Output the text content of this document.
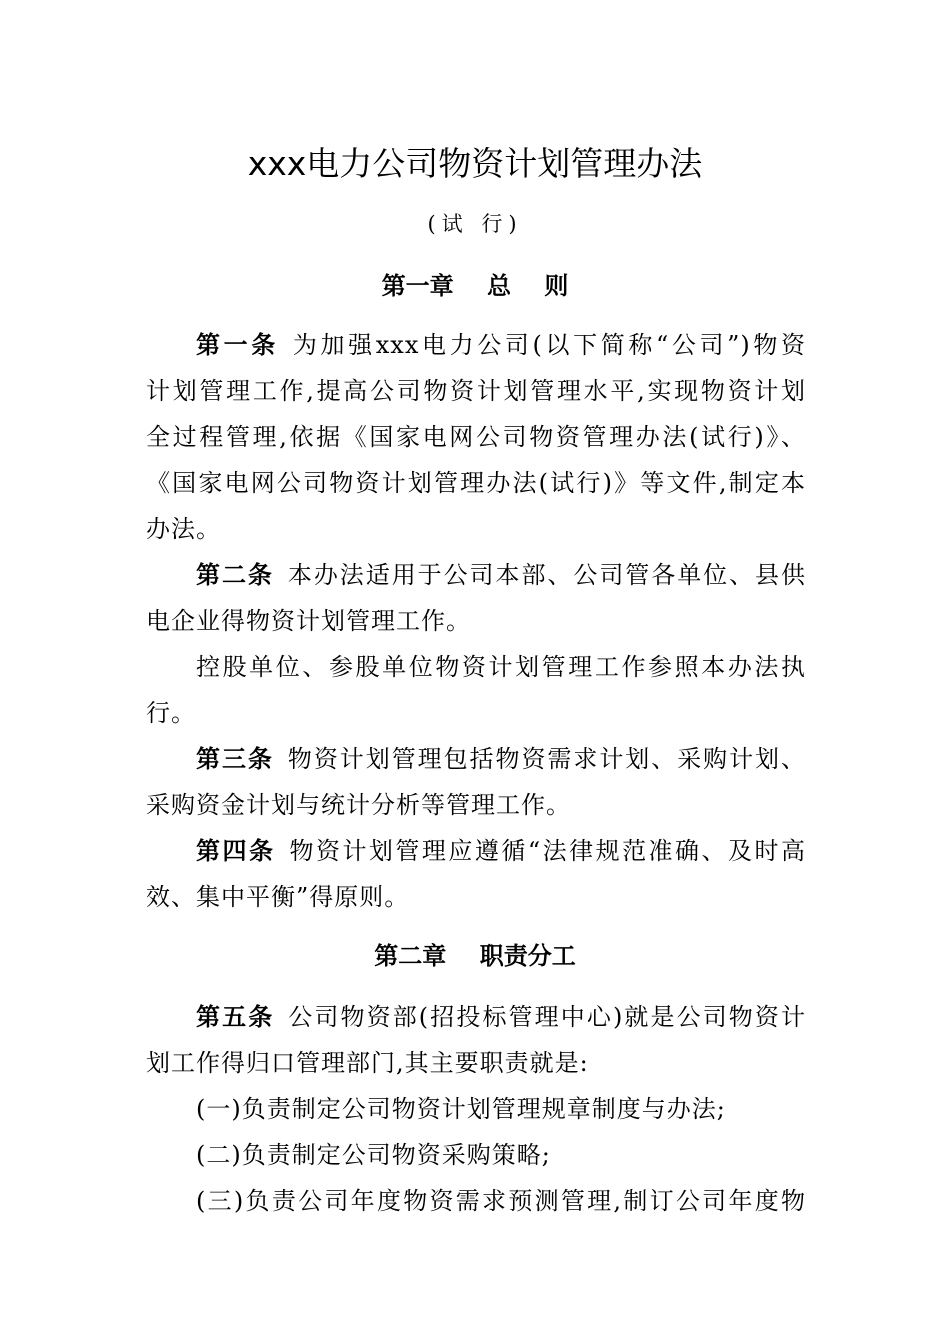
xxx电力公司物资计划管理办法
(试 行)
第一章    总    则
第一条 为加强xxx电力公司(以下简称“公司”)物资
计划管理工作,提高公司物资计划管理水平,实现物资计划
全过程管理,依据《国家电网公司物资管理办法(试行)》、
《国家电网公司物资计划管理办法(试行)》等文件,制定本
办法。
第二条 本办法适用于公司本部、公司管各单位、县供
电企业得物资计划管理工作。
控股单位、参股单位物资计划管理工作参照本办法执
行。
第三条 物资计划管理包括物资需求计划、采购计划、
采购资金计划与统计分析等管理工作。
第四条 物资计划管理应遵循“法律规范准确、及时高
效、集中平衡”得原则。
第二章    职责分工
第五条 公司物资部(招投标管理中心)就是公司物资计
划工作得归口管理部门,其主要职责就是:
(一)负责制定公司物资计划管理规章制度与办法;
(二)负责制定公司物资采购策略;
(三)负责公司年度物资需求预测管理,制订公司年度物
